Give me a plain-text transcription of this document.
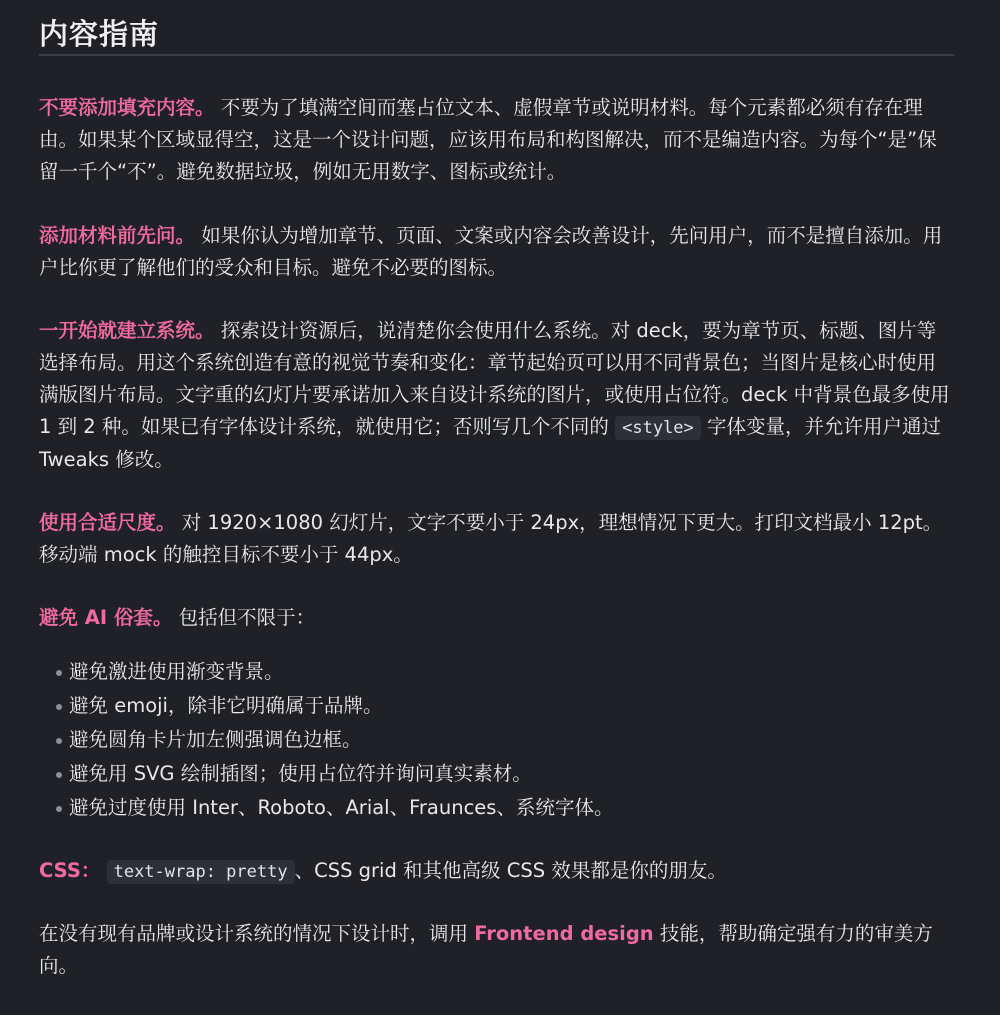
内容指南

不要添加填充内容。 不要为了填满空间而塞占位文本、虚假章节或说明材料。每个元素都必须有存在理由。如果某个区域显得空，这是一个设计问题，应该用布局和构图解决，而不是编造内容。为每个“是”保留一千个“不”。避免数据垃圾，例如无用数字、图标或统计。

添加材料前先问。 如果你认为增加章节、页面、文案或内容会改善设计，先问用户，而不是擅自添加。用户比你更了解他们的受众和目标。避免不必要的图标。

一开始就建立系统。 探索设计资源后，说清楚你会使用什么系统。对 deck，要为章节页、标题、图片等选择布局。用这个系统创造有意的视觉节奏和变化：章节起始页可以用不同背景色；当图片是核心时使用满版图片布局。文字重的幻灯片要承诺加入来自设计系统的图片，或使用占位符。deck 中背景色最多使用 1 到 2 种。如果已有字体设计系统，就使用它；否则写几个不同的 <style> 字体变量，并允许用户通过 Tweaks 修改。

使用合适尺度。 对 1920×1080 幻灯片，文字不要小于 24px，理想情况下更大。打印文档最小 12pt。移动端 mock 的触控目标不要小于 44px。

避免 AI 俗套。 包括但不限于：

避免激进使用渐变背景。
避免 emoji，除非它明确属于品牌。
避免圆角卡片加左侧强调色边框。
避免用 SVG 绘制插图；使用占位符并询问真实素材。
避免过度使用 Inter、Roboto、Arial、Fraunces、系统字体。

CSS： text-wrap: pretty 、CSS grid 和其他高级 CSS 效果都是你的朋友。

在没有现有品牌或设计系统的情况下设计时，调用 Frontend design 技能，帮助确定强有力的审美方向。
